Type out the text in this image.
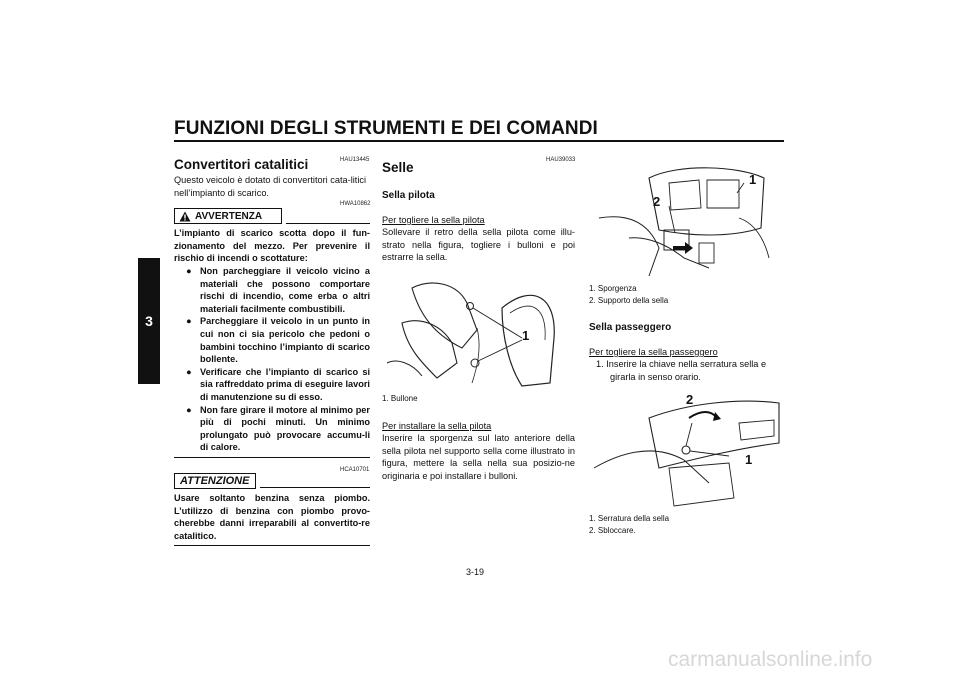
FUNZIONI DEGLI STRUMENTI E DEI COMANDI
3
HAU13445
Convertitori catalitici
Questo veicolo è dotato di convertitori cata-litici nell’impianto di scarico.
HWA10862
AVVERTENZA
L’impianto di scarico scotta dopo il fun-zionamento del mezzo. Per prevenire il rischio di incendi o scottature:
● Non parcheggiare il veicolo vicino a materiali che possono comportare rischi di incendio, come erba o altri materiali facilmente combustibili.
● Parcheggiare il veicolo in un punto in cui non ci sia pericolo che pedoni o bambini tocchino l’impianto di scarico bollente.
● Verificare che l’impianto di scarico si sia raffreddato prima di eseguire lavori di manutenzione su di esso.
● Non fare girare il motore al minimo per più di pochi minuti. Un minimo prolungato può provocare accumu-li di calore.
HCA10701
ATTENZIONE
Usare soltanto benzina senza piombo. L’utilizzo di benzina con piombo provo-cherebbe danni irreparabili al convertito-re catalitico.
HAU39033
Selle
Sella pilota
Per togliere la sella pilota
Sollevare il retro della sella pilota come illu-strato nella figura, togliere i bulloni e poi estrarre la sella.
1
1. Bullone
Per installare la sella pilota
Inserire la sporgenza sul lato anteriore della sella pilota nel supporto sella come illustrato in figura, mettere la sella nella sua posizio-ne originaria e poi installare i bulloni.
1
2
1. Sporgenza
2. Supporto della sella
Sella passeggero
Per togliere la sella passeggero
1. Inserire la chiave nella serratura sella e girarla in senso orario.
2
1
1. Serratura della sella
2. Sbloccare.
3-19
carmanualsonline.info
